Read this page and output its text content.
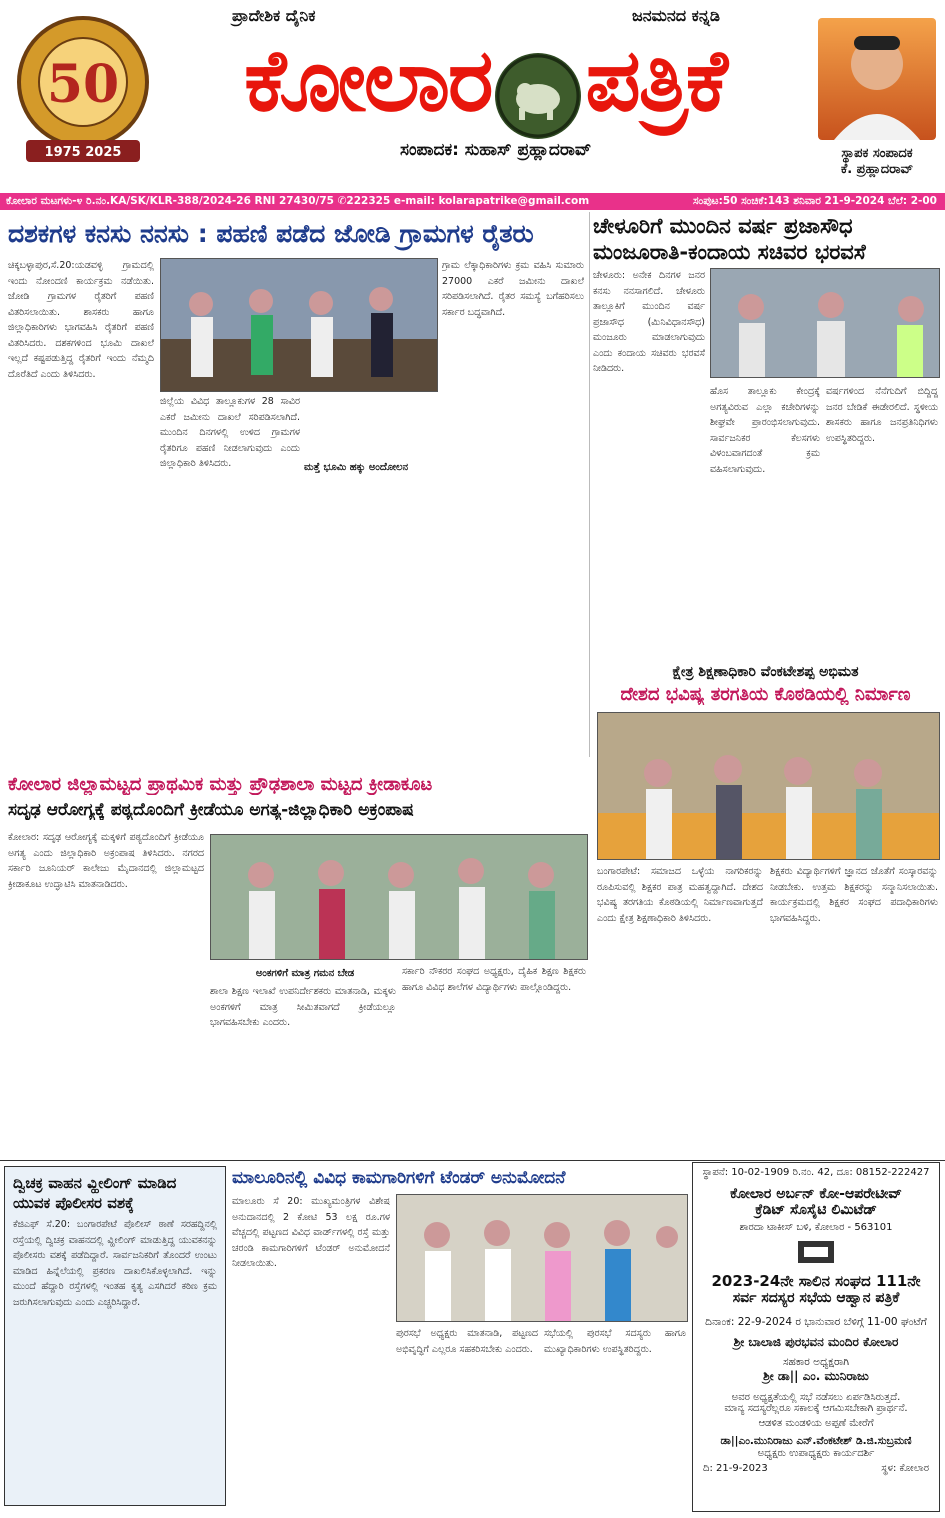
50
1975 2025
ಪ್ರಾದೇಶಿಕ ದೈನಿಕ	ಜನಮನದ ಕನ್ನಡಿ
ಕೋಲಾರ ಪತ್ರಿಕೆ
ಸಂಪಾದಕ: ಸುಹಾಸ್ ಪ್ರಹ್ಲಾದರಾವ್	ಸ್ಥಾಪಕ ಸಂಪಾದಕ
ಕೆ. ಪ್ರಹ್ಲಾದರಾವ್
ಕೋಲಾರ ಮಟಗಳು-೪ ರಿ.ನಂ.KA/SK/KLR-388/2024-26 RNI 27430/75 ✆222325 e-mail: kolarapatrike@gmail.com	ಸಂಪುಟ:50 ಸಂಚಿಕೆ:143 ಶನಿವಾರ 21-9-2024 ಬೆಲೆ: 2-00
ದಶಕಗಳ ಕನಸು ನನಸು : ಪಹಣಿ ಪಡೆದ ಜೋಡಿ ಗ್ರಾಮಗಳ ರೈತರು
ಚಿಕ್ಕಬಳ್ಳಾಪುರ,ಸೆ.20:ಯಡವಳ್ಳಿ ಗ್ರಾಮದಲ್ಲಿ ಇಂದು ನೋಂದಣಿ ಕಾರ್ಯಕ್ರಮ ನಡೆಯಿತು. ಜೋಡಿ ಗ್ರಾಮಗಳ ರೈತರಿಗೆ ಪಹಣಿ ವಿತರಿಸಲಾಯಿತು. ಶಾಸಕರು ಹಾಗೂ ಜಿಲ್ಲಾಧಿಕಾರಿಗಳು ಭಾಗವಹಿಸಿ ರೈತರಿಗೆ ಪಹಣಿ ವಿತರಿಸಿದರು. ದಶಕಗಳಿಂದ ಭೂಮಿ ದಾಖಲೆ ಇಲ್ಲದೆ ಕಷ್ಟಪಡುತ್ತಿದ್ದ ರೈತರಿಗೆ ಇಂದು ನೆಮ್ಮದಿ ದೊರೆತಿದೆ ಎಂದು ತಿಳಿಸಿದರು.
ಜಿಲ್ಲೆಯ ವಿವಿಧ ತಾಲ್ಲೂಕುಗಳ 28 ಸಾವಿರ ಎಕರೆ ಜಮೀನು ದಾಖಲೆ ಸರಿಪಡಿಸಲಾಗಿದೆ. ಮುಂದಿನ ದಿನಗಳಲ್ಲಿ ಉಳಿದ ಗ್ರಾಮಗಳ ರೈತರಿಗೂ ಪಹಣಿ ನೀಡಲಾಗುವುದು ಎಂದು ಜಿಲ್ಲಾಧಿಕಾರಿ ತಿಳಿಸಿದರು.	ಮತ್ತೆ ಭೂಮಿ ಹಕ್ಕು ಅಂದೋಲನ
ಗ್ರಾಮ ಲೆಕ್ಕಾಧಿಕಾರಿಗಳು ಕ್ರಮ ವಹಿಸಿ ಸುಮಾರು 27000 ಎಕರೆ ಜಮೀನು ದಾಖಲೆ ಸರಿಪಡಿಸಲಾಗಿದೆ. ರೈತರ ಸಮಸ್ಯೆ ಬಗೆಹರಿಸಲು ಸರ್ಕಾರ ಬದ್ಧವಾಗಿದೆ.
ಚೇಳೂರಿಗೆ ಮುಂದಿನ ವರ್ಷ ಪ್ರಜಾಸೌಧ ಮಂಜೂರಾತಿ-ಕಂದಾಯ ಸಚಿವರ ಭರವಸೆ
ಚೇಳೂರು: ಅನೇಕ ದಿನಗಳ ಜನರ ಕನಸು ನನಸಾಗಲಿದೆ. ಚೇಳೂರು ತಾಲ್ಲೂಕಿಗೆ ಮುಂದಿನ ವರ್ಷ ಪ್ರಜಾಸೌಧ (ಮಿನಿವಿಧಾನಸೌಧ) ಮಂಜೂರು ಮಾಡಲಾಗುವುದು ಎಂದು ಕಂದಾಯ ಸಚಿವರು ಭರವಸೆ ನೀಡಿದರು.
ಹೊಸ ತಾಲ್ಲೂಕು ಕೇಂದ್ರಕ್ಕೆ ಅಗತ್ಯವಿರುವ ಎಲ್ಲಾ ಕಚೇರಿಗಳನ್ನು ಶೀಘ್ರವೇ ಪ್ರಾರಂಭಿಸಲಾಗುವುದು. ಸಾರ್ವಜನಿಕರ ಕೆಲಸಗಳು ವಿಳಂಬವಾಗದಂತೆ ಕ್ರಮ ವಹಿಸಲಾಗುವುದು.
ವರ್ಷಗಳಿಂದ ನೆನೆಗುದಿಗೆ ಬಿದ್ದಿದ್ದ ಜನರ ಬೇಡಿಕೆ ಈಡೇರಲಿದೆ. ಸ್ಥಳೀಯ ಶಾಸಕರು ಹಾಗೂ ಜನಪ್ರತಿನಿಧಿಗಳು ಉಪಸ್ಥಿತರಿದ್ದರು.
ಕ್ಷೇತ್ರ ಶಿಕ್ಷಣಾಧಿಕಾರಿ ವೆಂಕಟೇಶಪ್ಪ ಅಭಿಮತ
ದೇಶದ ಭವಿಷ್ಯ ತರಗತಿಯ ಕೊಠಡಿಯಲ್ಲಿ ನಿರ್ಮಾಣ
ಬಂಗಾರಪೇಟೆ: ಸಮಾಜದ ಒಳ್ಳೆಯ ನಾಗರಿಕರನ್ನು ರೂಪಿಸುವಲ್ಲಿ ಶಿಕ್ಷಕರ ಪಾತ್ರ ಮಹತ್ವದ್ದಾಗಿದೆ. ದೇಶದ ಭವಿಷ್ಯ ತರಗತಿಯ ಕೊಠಡಿಯಲ್ಲಿ ನಿರ್ಮಾಣವಾಗುತ್ತದೆ ಎಂದು ಕ್ಷೇತ್ರ ಶಿಕ್ಷಣಾಧಿಕಾರಿ ತಿಳಿಸಿದರು.
ಶಿಕ್ಷಕರು ವಿದ್ಯಾರ್ಥಿಗಳಿಗೆ ಜ್ಞಾನದ ಜೊತೆಗೆ ಸಂಸ್ಕಾರವನ್ನು ನೀಡಬೇಕು. ಉತ್ತಮ ಶಿಕ್ಷಕರನ್ನು ಸನ್ಮಾನಿಸಲಾಯಿತು. ಕಾರ್ಯಕ್ರಮದಲ್ಲಿ ಶಿಕ್ಷಕರ ಸಂಘದ ಪದಾಧಿಕಾರಿಗಳು ಭಾಗವಹಿಸಿದ್ದರು.
ಕೋಲಾರ ಜಿಲ್ಲಾಮಟ್ಟದ ಪ್ರಾಥಮಿಕ ಮತ್ತು ಪ್ರೌಢಶಾಲಾ ಮಟ್ಟದ ಕ್ರೀಡಾಕೂಟ
ಸದೃಢ ಆರೋಗ್ಯಕ್ಕೆ ಪಠ್ಯದೊಂದಿಗೆ ಕ್ರೀಡೆಯೂ ಅಗತ್ಯ-ಜಿಲ್ಲಾಧಿಕಾರಿ ಅಕ್ರಂಪಾಷ
ಕೋಲಾರ: ಸದೃಢ ಆರೋಗ್ಯಕ್ಕೆ ಮಕ್ಕಳಿಗೆ ಪಠ್ಯದೊಂದಿಗೆ ಕ್ರೀಡೆಯೂ ಅಗತ್ಯ ಎಂದು ಜಿಲ್ಲಾಧಿಕಾರಿ ಅಕ್ರಂಪಾಷ ತಿಳಿಸಿದರು. ನಗರದ ಸರ್ಕಾರಿ ಜೂನಿಯರ್ ಕಾಲೇಜು ಮೈದಾನದಲ್ಲಿ ಜಿಲ್ಲಾಮಟ್ಟದ ಕ್ರೀಡಾಕೂಟ ಉದ್ಘಾಟಿಸಿ ಮಾತನಾಡಿದರು.
ಅಂಕಗಳಿಗೆ ಮಾತ್ರ ಗಮನ ಬೇಡ
ಶಾಲಾ ಶಿಕ್ಷಣ ಇಲಾಖೆ ಉಪನಿರ್ದೇಶಕರು ಮಾತನಾಡಿ, ಮಕ್ಕಳು ಅಂಕಗಳಿಗೆ ಮಾತ್ರ ಸೀಮಿತವಾಗದೆ ಕ್ರೀಡೆಯಲ್ಲೂ ಭಾಗವಹಿಸಬೇಕು ಎಂದರು.
ಸರ್ಕಾರಿ ನೌಕರರ ಸಂಘದ ಅಧ್ಯಕ್ಷರು, ದೈಹಿಕ ಶಿಕ್ಷಣ ಶಿಕ್ಷಕರು ಹಾಗೂ ವಿವಿಧ ಶಾಲೆಗಳ ವಿದ್ಯಾರ್ಥಿಗಳು ಪಾಲ್ಗೊಂಡಿದ್ದರು.
ದ್ವಿಚಕ್ರ ವಾಹನ ವ್ಹೀಲಿಂಗ್ ಮಾಡಿದ ಯುವಕ ಪೊಲೀಸರ ವಶಕ್ಕೆ
ಕೆಜಿಎಫ್ ಸೆ.20: ಬಂಗಾರಪೇಟೆ ಪೊಲೀಸ್ ಠಾಣೆ ಸರಹದ್ದಿನಲ್ಲಿ ರಸ್ತೆಯಲ್ಲಿ ದ್ವಿಚಕ್ರ ವಾಹನದಲ್ಲಿ ವ್ಹೀಲಿಂಗ್ ಮಾಡುತ್ತಿದ್ದ ಯುವಕನನ್ನು ಪೊಲೀಸರು ವಶಕ್ಕೆ ಪಡೆದಿದ್ದಾರೆ. ಸಾರ್ವಜನಿಕರಿಗೆ ತೊಂದರೆ ಉಂಟು ಮಾಡಿದ ಹಿನ್ನೆಲೆಯಲ್ಲಿ ಪ್ರಕರಣ ದಾಖಲಿಸಿಕೊಳ್ಳಲಾಗಿದೆ. ಇನ್ನು ಮುಂದೆ ಹೆದ್ದಾರಿ ರಸ್ತೆಗಳಲ್ಲಿ ಇಂತಹ ಕೃತ್ಯ ಎಸಗಿದರೆ ಕಠಿಣ ಕ್ರಮ ಜರುಗಿಸಲಾಗುವುದು ಎಂದು ಎಚ್ಚರಿಸಿದ್ದಾರೆ.
ಮಾಲೂರಿನಲ್ಲಿ ವಿವಿಧ ಕಾಮಗಾರಿಗಳಿಗೆ ಟೆಂಡರ್ ಅನುಮೋದನೆ
ಮಾಲೂರು ಸೆ 20: ಮುಖ್ಯಮಂತ್ರಿಗಳ ವಿಶೇಷ ಅನುದಾನದಲ್ಲಿ 2 ಕೋಟಿ 53 ಲಕ್ಷ ರೂ.ಗಳ ವೆಚ್ಚದಲ್ಲಿ ಪಟ್ಟಣದ ವಿವಿಧ ವಾರ್ಡ್‌ಗಳಲ್ಲಿ ರಸ್ತೆ ಮತ್ತು ಚರಂಡಿ ಕಾಮಗಾರಿಗಳಿಗೆ ಟೆಂಡರ್ ಅನುಮೋದನೆ ನೀಡಲಾಯಿತು.
ಪುರಸಭೆ ಅಧ್ಯಕ್ಷರು ಮಾತನಾಡಿ, ಪಟ್ಟಣದ ಅಭಿವೃದ್ಧಿಗೆ ಎಲ್ಲರೂ ಸಹಕರಿಸಬೇಕು ಎಂದರು.
ಸಭೆಯಲ್ಲಿ ಪುರಸಭೆ ಸದಸ್ಯರು ಹಾಗೂ ಮುಖ್ಯಾಧಿಕಾರಿಗಳು ಉಪಸ್ಥಿತರಿದ್ದರು.
ಸ್ಥಾಪನೆ: 10-02-1909 ರಿ.ನಂ. 42, ದೂ: 08152-222427
ಕೋಲಾರ ಅರ್ಬನ್ ಕೋ-ಆಪರೇಟೀವ್
ಕ್ರೆಡಿಟ್ ಸೊಸೈಟಿ ಲಿಮಿಟೆಡ್
ಶಾರದಾ ಟಾಕೀಸ್ ಬಳಿ, ಕೋಲಾರ - 563101
2023-24ನೇ ಸಾಲಿನ ಸಂಘದ 111ನೇ
ಸರ್ವ ಸದಸ್ಯರ ಸಭೆಯ ಆಹ್ವಾನ ಪತ್ರಿಕೆ
ದಿನಾಂಕ: 22-9-2024 ರ ಭಾನುವಾರ ಬೆಳಿಗ್ಗೆ 11-00 ಘಂಟೆಗೆ
ಶ್ರೀ ಬಾಲಾಜಿ ಪುರಭವನ ಮಂದಿರ ಕೋಲಾರ
ಸಹಕಾರ ಅಧ್ಯಕ್ಷರಾಗಿ
ಶ್ರೀ ಡಾ|| ಎಂ. ಮುನಿರಾಜು
ಅವರ ಅಧ್ಯಕ್ಷತೆಯಲ್ಲಿ ಸಭೆ ನಡೆಸಲು ಏರ್ಪಡಿಸಿರುತ್ತದೆ.
ಮಾನ್ಯ ಸದಸ್ಯರೆಲ್ಲರೂ ಸಕಾಲಕ್ಕೆ ಆಗಮಿಸಬೇಕಾಗಿ ಪ್ರಾರ್ಥನೆ.
ಆಡಳಿತ ಮಂಡಳಿಯ ಅಪ್ಪಣೆ ಮೇರೆಗೆ
ಡಾ||ಎಂ.ಮುನಿರಾಜು ಎನ್.ವೆಂಕಟೇಶ್ ಡಿ.ಜಿ.ಸುಬ್ರಮಣಿ
ಅಧ್ಯಕ್ಷರು ಉಪಾಧ್ಯಕ್ಷರು ಕಾರ್ಯದರ್ಶಿ
ದಿ: 21-9-2023	ಸ್ಥಳ: ಕೋಲಾರ
